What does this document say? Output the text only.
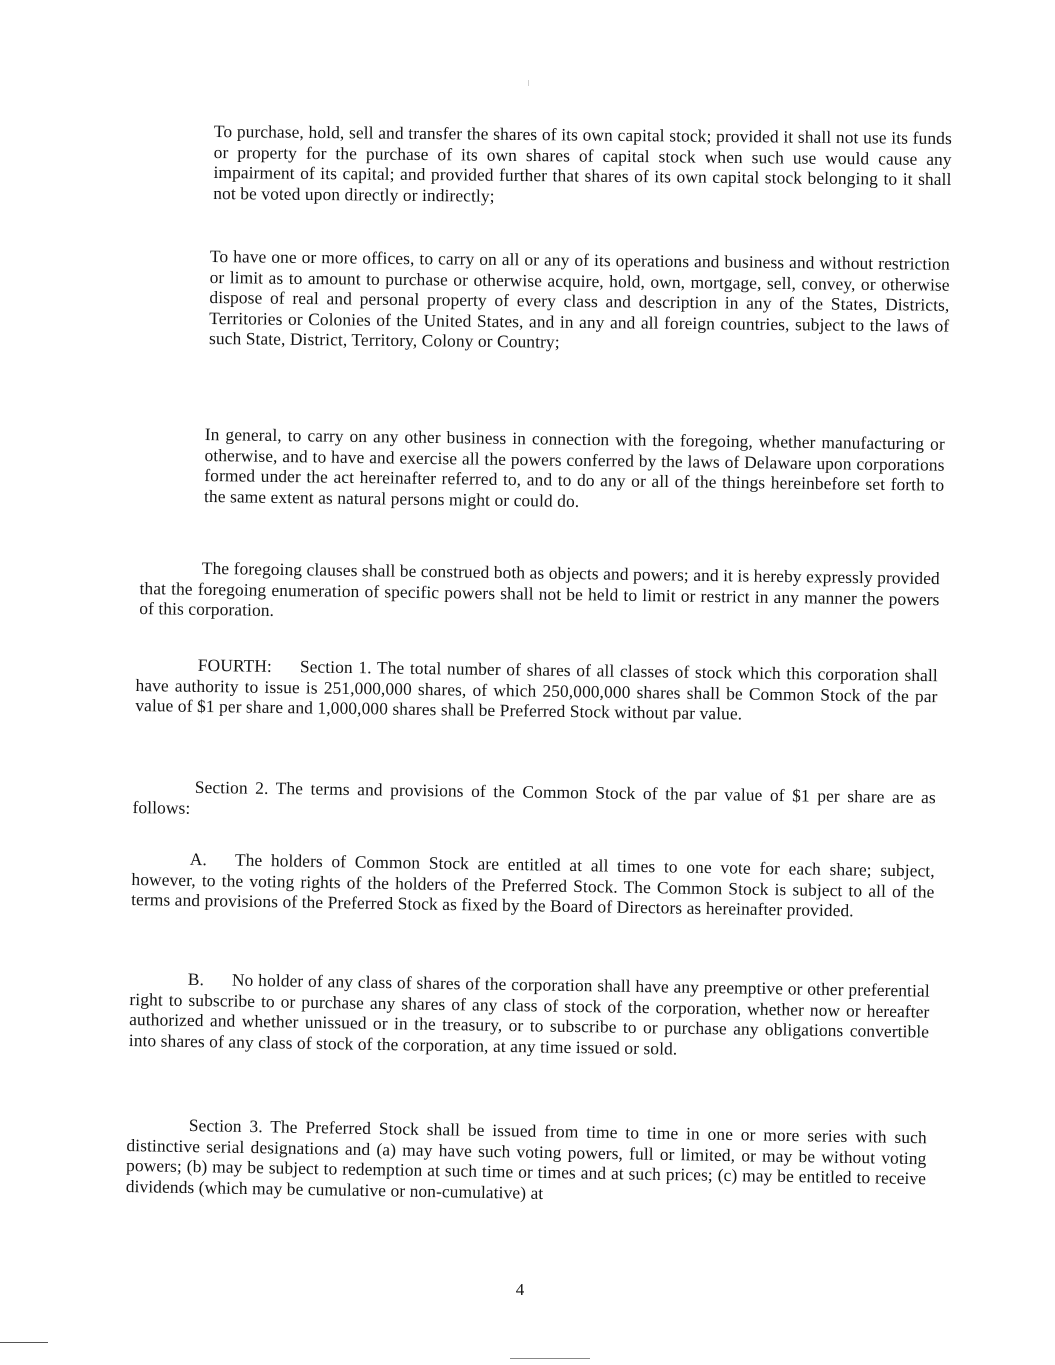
To purchase, hold, sell and transfer the shares of its own capital stock; provided it shall not use its funds or property for the purchase of its own shares of capital stock when such use would cause any impairment of its capital; and provided further that shares of its own capital stock belonging to it shall not be voted upon directly or indirectly;

To have one or more offices, to carry on all or any of its operations and business and without restriction or limit as to amount to purchase or otherwise acquire, hold, own, mortgage, sell, convey, or otherwise dispose of real and personal property of every class and description in any of the States, Districts, Territories or Colonies of the United States, and in any and all foreign countries, subject to the laws of such State, District, Territory, Colony or Country;

In general, to carry on any other business in connection with the foregoing, whether manufacturing or otherwise, and to have and exercise all the powers conferred by the laws of Delaware upon corporations formed under the act hereinafter referred to, and to do any or all of the things hereinbefore set forth to the same extent as natural persons might or could do.

The foregoing clauses shall be construed both as objects and powers; and it is hereby expressly provided that the foregoing enumeration of specific powers shall not be held to limit or restrict in any manner the powers of this corporation.

FOURTH: Section 1. The total number of shares of all classes of stock which this corporation shall have authority to issue is 251,000,000 shares, of which 250,000,000 shares shall be Common Stock of the par value of $1 per share and 1,000,000 shares shall be Preferred Stock without par value.

Section 2. The terms and provisions of the Common Stock of the par value of $1 per share are as follows:

A. The holders of Common Stock are entitled at all times to one vote for each share; subject, however, to the voting rights of the holders of the Preferred Stock. The Common Stock is subject to all of the terms and provisions of the Preferred Stock as fixed by the Board of Directors as hereinafter provided.

B. No holder of any class of shares of the corporation shall have any preemptive or other preferential right to subscribe to or purchase any shares of any class of stock of the corporation, whether now or hereafter authorized and whether unissued or in the treasury, or to subscribe to or purchase any obligations convertible into shares of any class of stock of the corporation, at any time issued or sold.

Section 3. The Preferred Stock shall be issued from time to time in one or more series with such distinctive serial designations and (a) may have such voting powers, full or limited, or may be without voting powers; (b) may be subject to redemption at such time or times and at such prices; (c) may be entitled to receive dividends (which may be cumulative or non-cumulative) at

4
